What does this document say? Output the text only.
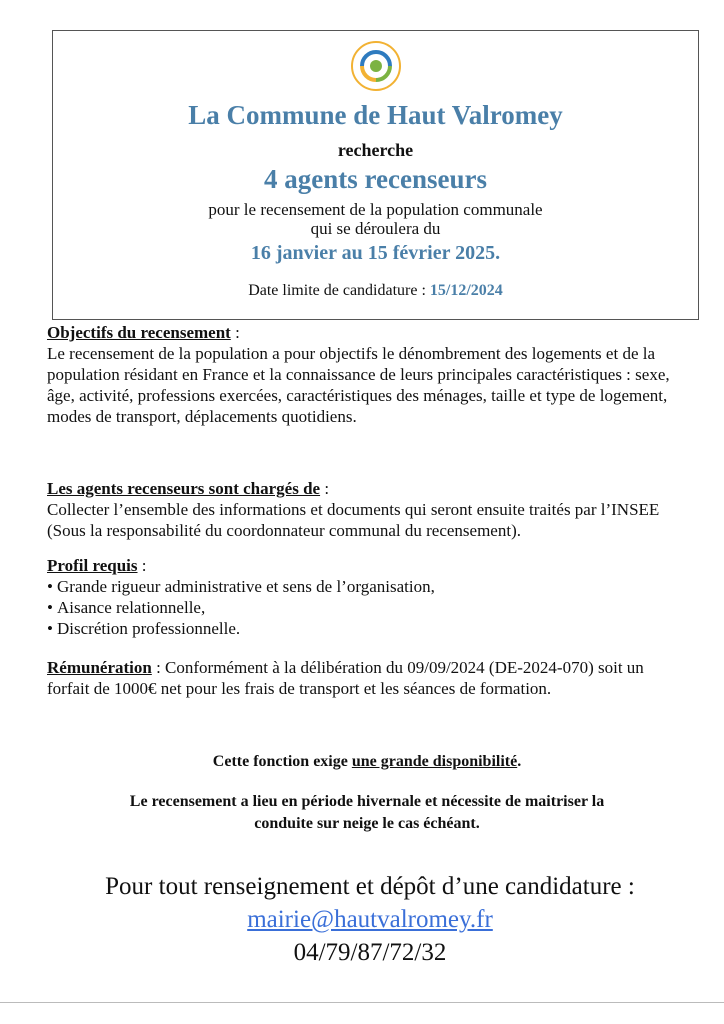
La Commune de Haut Valromey
recherche
4 agents recenseurs
pour le recensement de la population communale
qui se déroulera du
16 janvier au 15 février 2025.
Date limite de candidature : 15/12/2024
Objectifs du recensement :
Le recensement de la population a pour objectifs le dénombrement des logements et de la population résidant en France et la connaissance de leurs principales caractéristiques : sexe, âge, activité, professions exercées, caractéristiques des ménages, taille et type de logement, modes de transport, déplacements quotidiens.
Les agents recenseurs sont chargés de :
Collecter l’ensemble des informations et documents qui seront ensuite traités par l’INSEE (Sous la responsabilité du coordonnateur communal du recensement).
Profil requis :
• Grande rigueur administrative et sens de l’organisation,
• Aisance relationnelle,
• Discrétion professionnelle.
Rémunération : Conformément à la délibération du 09/09/2024 (DE-2024-070) soit un forfait de 1000€ net pour les frais de transport et les séances de formation.
Cette fonction exige une grande disponibilité.
Le recensement a lieu en période hivernale et nécessite de maitriser la
conduite sur neige le cas échéant.
Pour tout renseignement et dépôt d’une candidature :
mairie@hautvalromey.fr
04/79/87/72/32
